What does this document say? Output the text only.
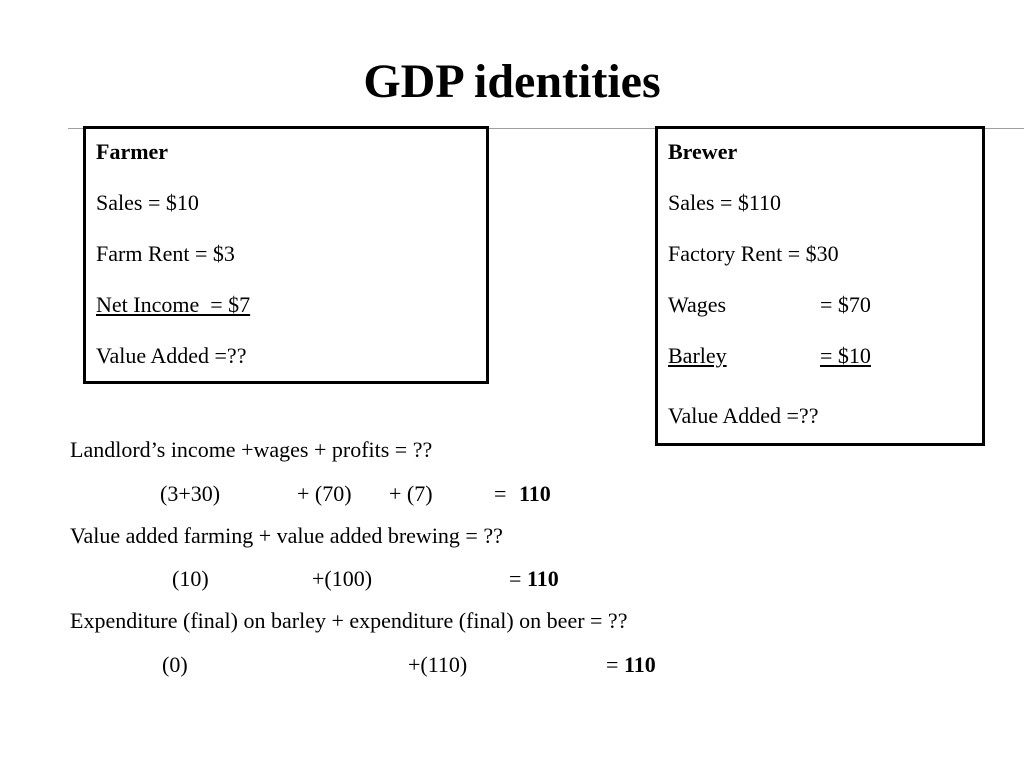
GDP identities
Farmer
Sales = $10
Farm Rent = $3
Net Income  = $7
Value Added =??
Brewer
Sales = $110
Factory Rent = $30
Wages	= $70
Barley	= $10
Value Added =??
Landlord’s income +wages + profits = ??
(3+30)	+ (70) + (7)	= 110
Value added farming + value added brewing = ??
(10)	+(100)	= 110
Expenditure (final) on barley + expenditure (final) on beer = ??
(0)	+(110)	= 110
